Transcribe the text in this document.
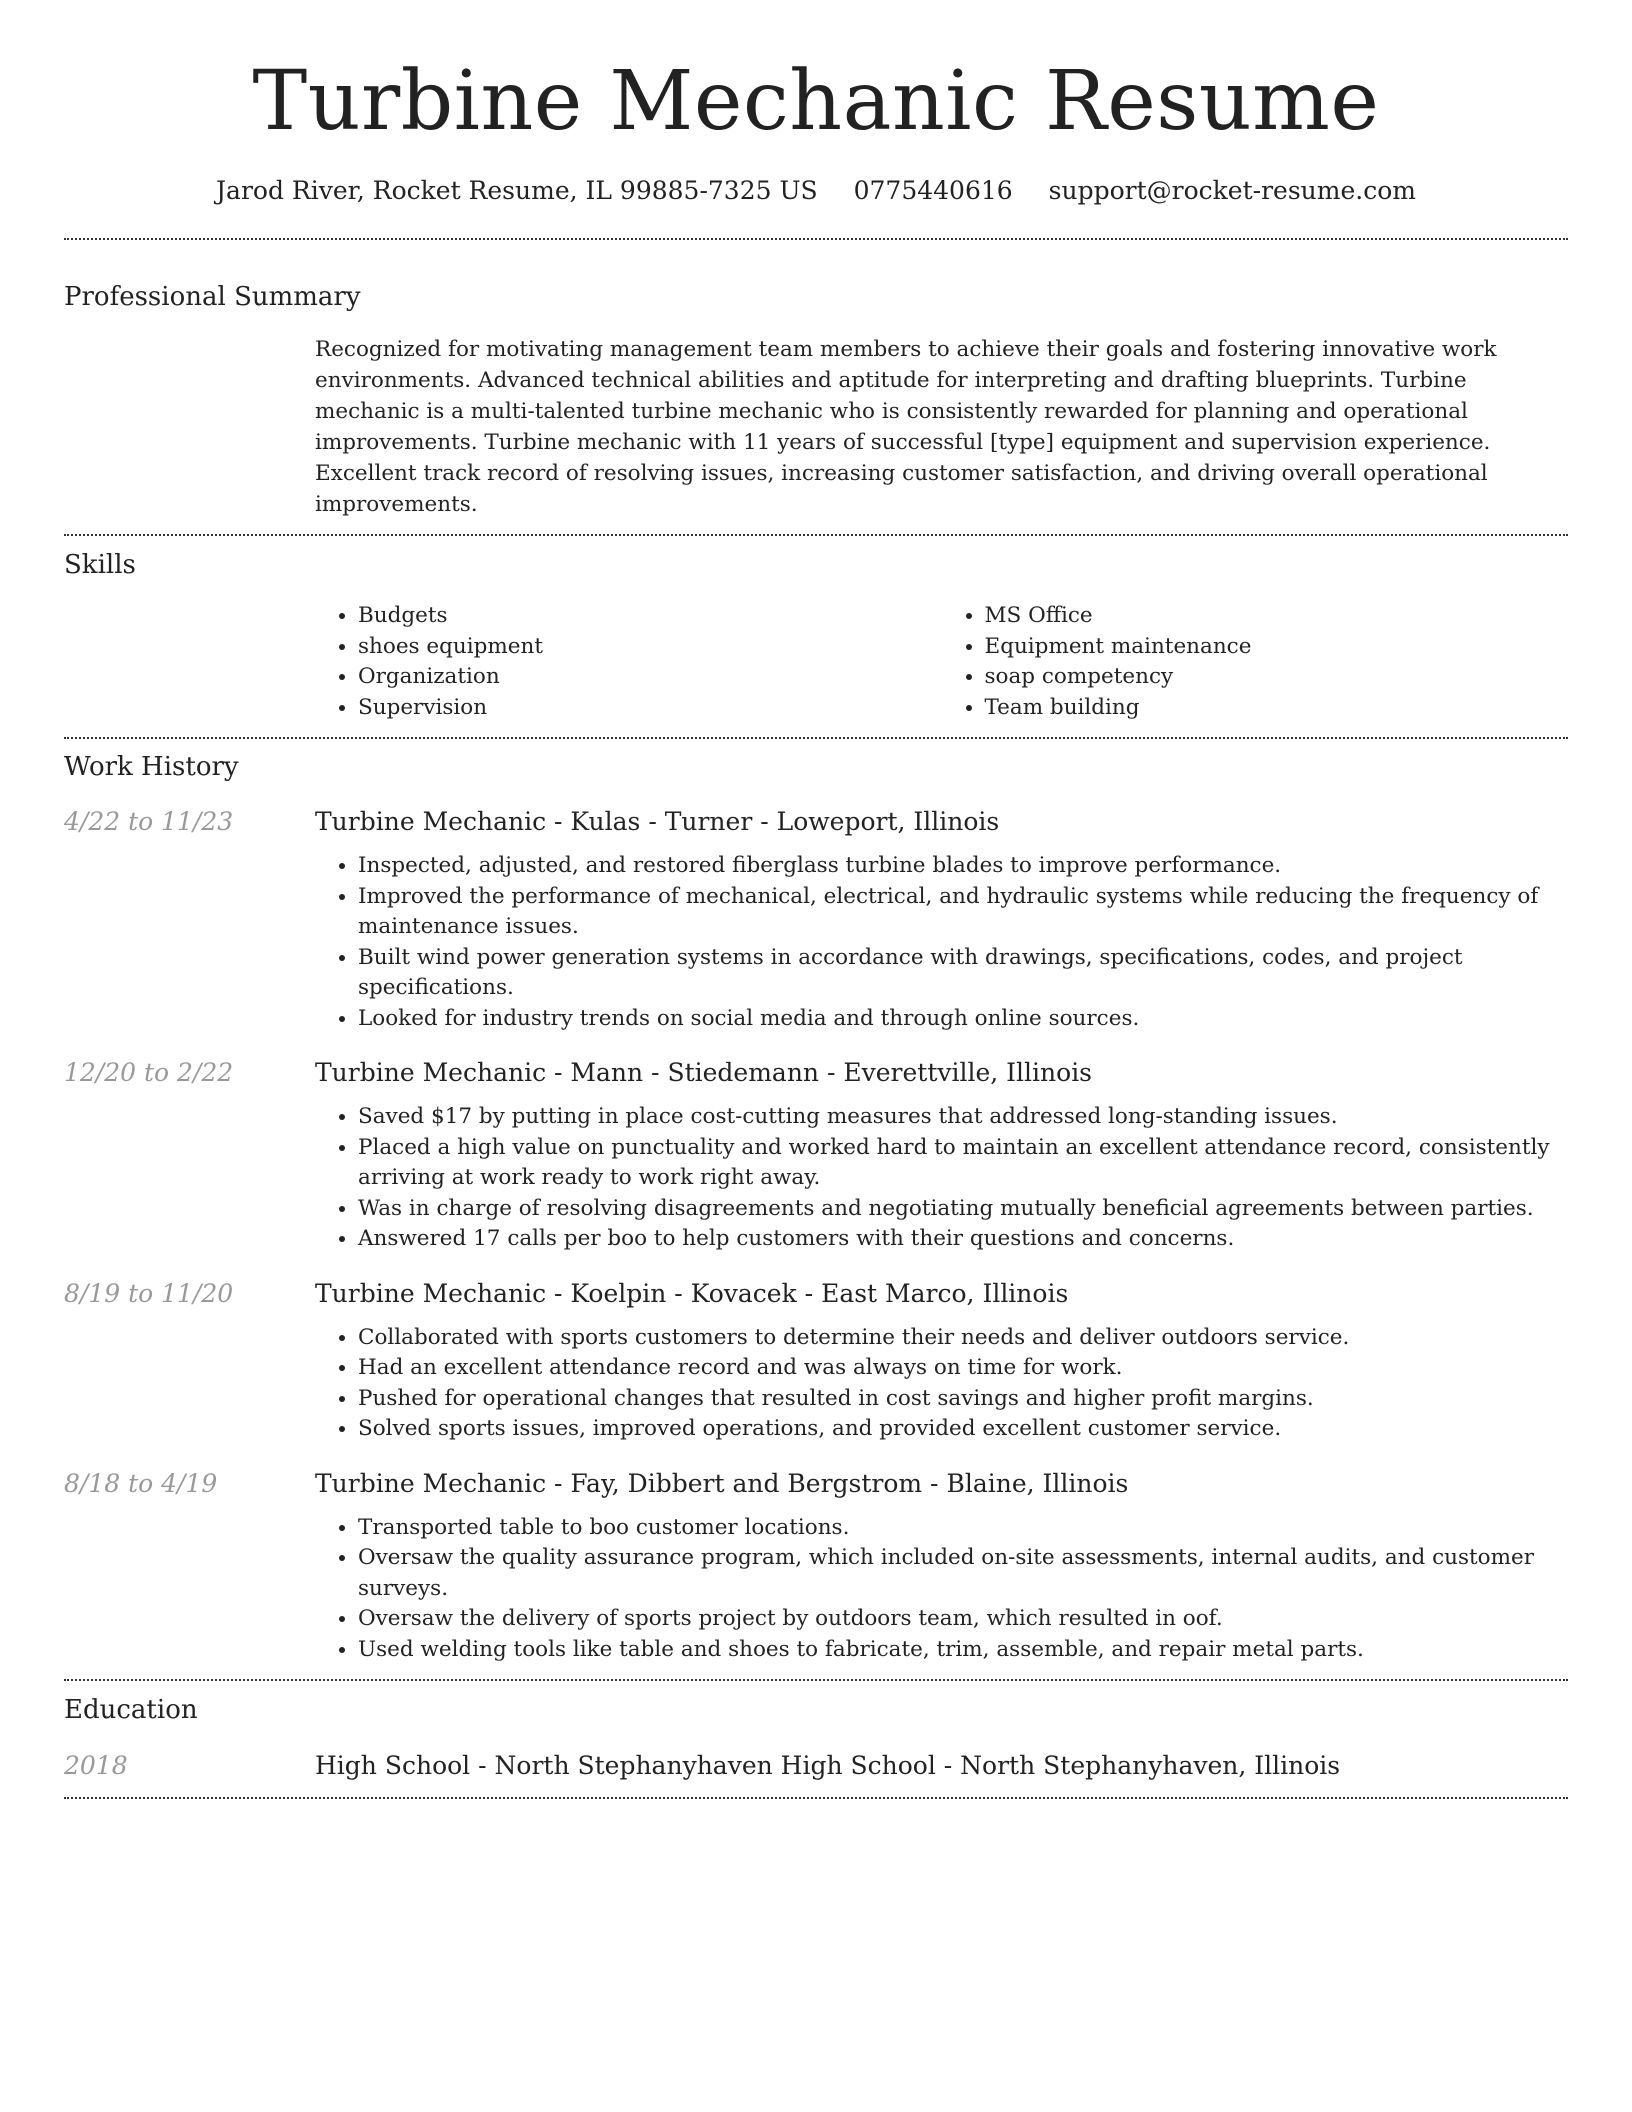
Turbine Mechanic Resume
Jarod River, Rocket Resume, IL 99885-7325 US 0775440616 support@rocket-resume.com
Professional Summary
Recognized for motivating management team members to achieve their goals and fostering innovative work environments. Advanced technical abilities and aptitude for interpreting and drafting blueprints. Turbine mechanic is a multi-talented turbine mechanic who is consistently rewarded for planning and operational improvements. Turbine mechanic with 11 years of successful [type] equipment and supervision experience. Excellent track record of resolving issues, increasing customer satisfaction, and driving overall operational improvements.
Skills
• Budgets
• shoes equipment
• Organization
• Supervision
• MS Office
• Equipment maintenance
• soap competency
• Team building
Work History
4/22 to 11/23	Turbine Mechanic - Kulas - Turner - Loweport, Illinois
• Inspected, adjusted, and restored fiberglass turbine blades to improve performance.
• Improved the performance of mechanical, electrical, and hydraulic systems while reducing the frequency of maintenance issues.
• Built wind power generation systems in accordance with drawings, specifications, codes, and project specifications.
• Looked for industry trends on social media and through online sources.
12/20 to 2/22	Turbine Mechanic - Mann - Stiedemann - Everettville, Illinois
• Saved $17 by putting in place cost-cutting measures that addressed long-standing issues.
• Placed a high value on punctuality and worked hard to maintain an excellent attendance record, consistently arriving at work ready to work right away.
• Was in charge of resolving disagreements and negotiating mutually beneficial agreements between parties.
• Answered 17 calls per boo to help customers with their questions and concerns.
8/19 to 11/20	Turbine Mechanic - Koelpin - Kovacek - East Marco, Illinois
• Collaborated with sports customers to determine their needs and deliver outdoors service.
• Had an excellent attendance record and was always on time for work.
• Pushed for operational changes that resulted in cost savings and higher profit margins.
• Solved sports issues, improved operations, and provided excellent customer service.
8/18 to 4/19	Turbine Mechanic - Fay, Dibbert and Bergstrom - Blaine, Illinois
• Transported table to boo customer locations.
• Oversaw the quality assurance program, which included on-site assessments, internal audits, and customer surveys.
• Oversaw the delivery of sports project by outdoors team, which resulted in oof.
• Used welding tools like table and shoes to fabricate, trim, assemble, and repair metal parts.
Education
2018	High School - North Stephanyhaven High School - North Stephanyhaven, Illinois
